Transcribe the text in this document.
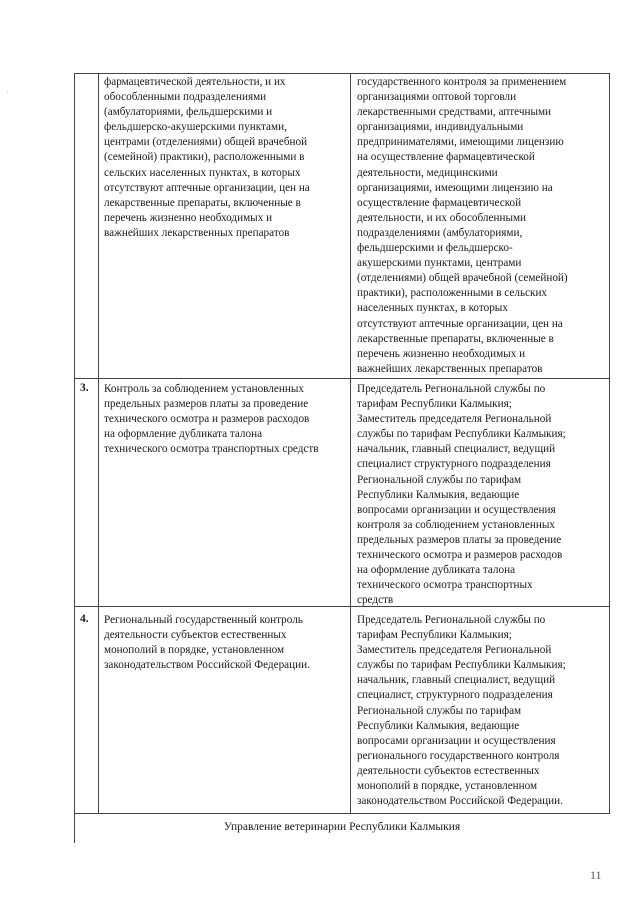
·
фармацевтической деятельности, и их
обособленными подразделениями
(амбулаториями, фельдшерскими и
фельдшерско-акушерскими пунктами,
центрами (отделениями) общей врачебной
(семейной) практики), расположенными в
сельских населенных пунктах, в которых
отсутствуют аптечные организации, цен на
лекарственные препараты, включенные в
перечень жизненно необходимых и
важнейших лекарственных препаратов
государственного контроля за применением
организациями оптовой торговли
лекарственными средствами, аптечными
организациями, индивидуальными
предпринимателями, имеющими лицензию
на осуществление фармацевтической
деятельности, медицинскими
организациями, имеющими лицензию на
осуществление фармацевтической
деятельности, и их обособленными
подразделениями (амбулаториями,
фельдшерскими и фельдшерско-
акушерскими пунктами, центрами
(отделениями) общей врачебной (семейной)
практики), расположенными в сельских
населенных пунктах, в которых
отсутствуют аптечные организации, цен на
лекарственные препараты, включенные в
перечень жизненно необходимых и
важнейших лекарственных препаратов
3. Контроль за соблюдением установленных
предельных размеров платы за проведение
технического осмотра и размеров расходов
на оформление дубликата талона
технического осмотра транспортных средств
Председатель Региональной службы по
тарифам Республики Калмыкия;
Заместитель председателя Региональной
службы по тарифам Республики Калмыкия;
начальник, главный специалист, ведущий
специалист структурного подразделения
Региональной службы по тарифам
Республики Калмыкия, ведающие
вопросами организации и осуществления
контроля за соблюдением установленных
предельных размеров платы за проведение
технического осмотра и размеров расходов
на оформление дубликата талона
технического осмотра транспортных
средств
4. Региональный государственный контроль
деятельности субъектов естественных
монополий в порядке, установленном
законодательством Российской Федерации.
Председатель Региональной службы по
тарифам Республики Калмыкия;
Заместитель председателя Региональной
службы по тарифам Республики Калмыкия;
начальник, главный специалист, ведущий
специалист, структурного подразделения
Региональной службы по тарифам
Республики Калмыкия, ведающие
вопросами организации и осуществления
регионального государственного контроля
деятельности субъектов естественных
монополий в порядке, установленном
законодательством Российской Федерации.
Управление ветеринарии Республики Калмыкия
11
